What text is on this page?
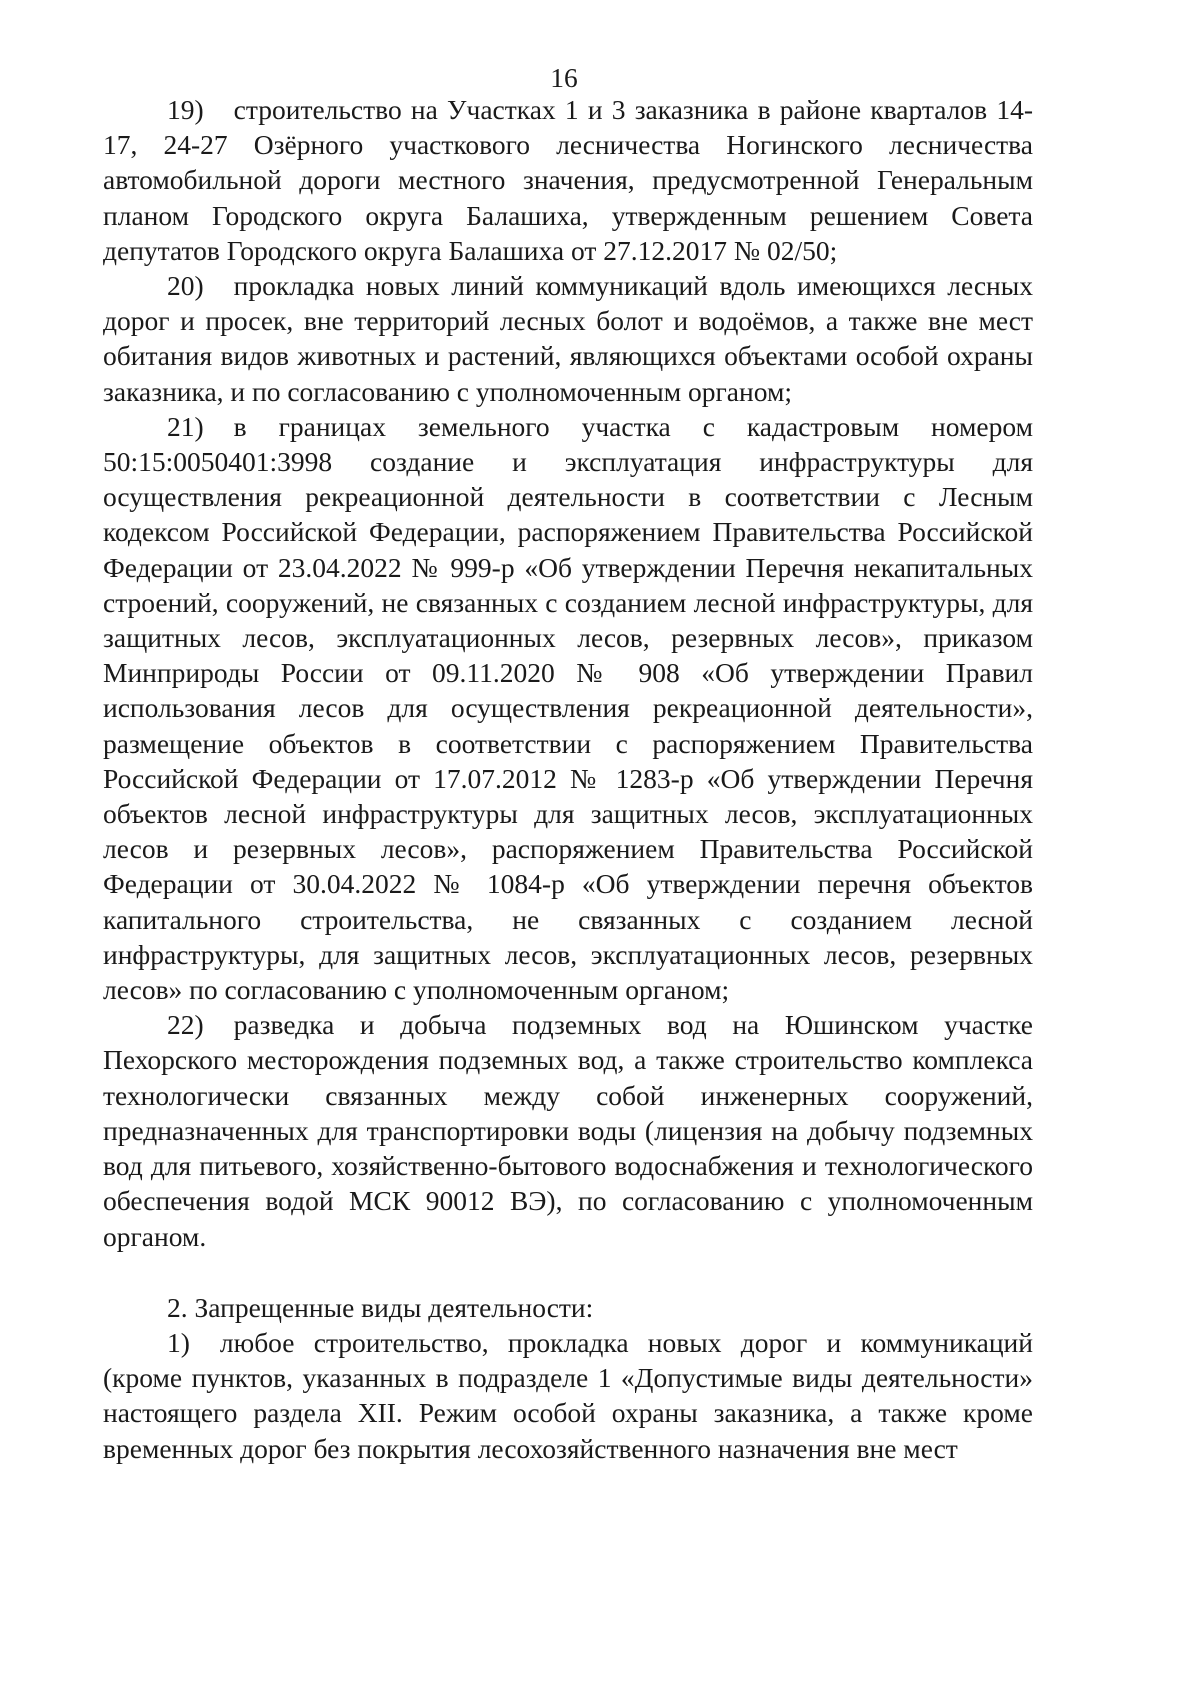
16

19) строительство на Участках 1 и 3 заказника в районе кварталов 14-17, 24-27 Озёрного участкового лесничества Ногинского лесничества автомобильной дороги местного значения, предусмотренной Генеральным планом Городского округа Балашиха, утвержденным решением Совета депутатов Городского округа Балашиха от 27.12.2017 № 02/50;

20) прокладка новых линий коммуникаций вдоль имеющихся лесных дорог и просек, вне территорий лесных болот и водоёмов, а также вне мест обитания видов животных и растений, являющихся объектами особой охраны заказника, и по согласованию с уполномоченным органом;

21) в границах земельного участка с кадастровым номером 50:15:0050401:3998 создание и эксплуатация инфраструктуры для осуществления рекреационной деятельности в соответствии с Лесным кодексом Российской Федерации, распоряжением Правительства Российской Федерации от 23.04.2022 № 999-р «Об утверждении Перечня некапитальных строений, сооружений, не связанных с созданием лесной инфраструктуры, для защитных лесов, эксплуатационных лесов, резервных лесов», приказом Минприроды России от 09.11.2020 № 908 «Об утверждении Правил использования лесов для осуществления рекреационной деятельности», размещение объектов в соответствии с распоряжением Правительства Российской Федерации от 17.07.2012 № 1283-р «Об утверждении Перечня объектов лесной инфраструктуры для защитных лесов, эксплуатационных лесов и резервных лесов», распоряжением Правительства Российской Федерации от 30.04.2022 № 1084-р «Об утверждении перечня объектов капитального строительства, не связанных с созданием лесной инфраструктуры, для защитных лесов, эксплуатационных лесов, резервных лесов» по согласованию с уполномоченным органом;

22) разведка и добыча подземных вод на Юшинском участке Пехорского месторождения подземных вод, а также строительство комплекса технологически связанных между собой инженерных сооружений, предназначенных для транспортировки воды (лицензия на добычу подземных вод для питьевого, хозяйственно-бытового водоснабжения и технологического обеспечения водой МСК 90012 ВЭ), по согласованию с уполномоченным органом.

2. Запрещенные виды деятельности:

1) любое строительство, прокладка новых дорог и коммуникаций (кроме пунктов, указанных в подразделе 1 «Допустимые виды деятельности» настоящего раздела XII. Режим особой охраны заказника, а также кроме временных дорог без покрытия лесохозяйственного назначения вне мест
